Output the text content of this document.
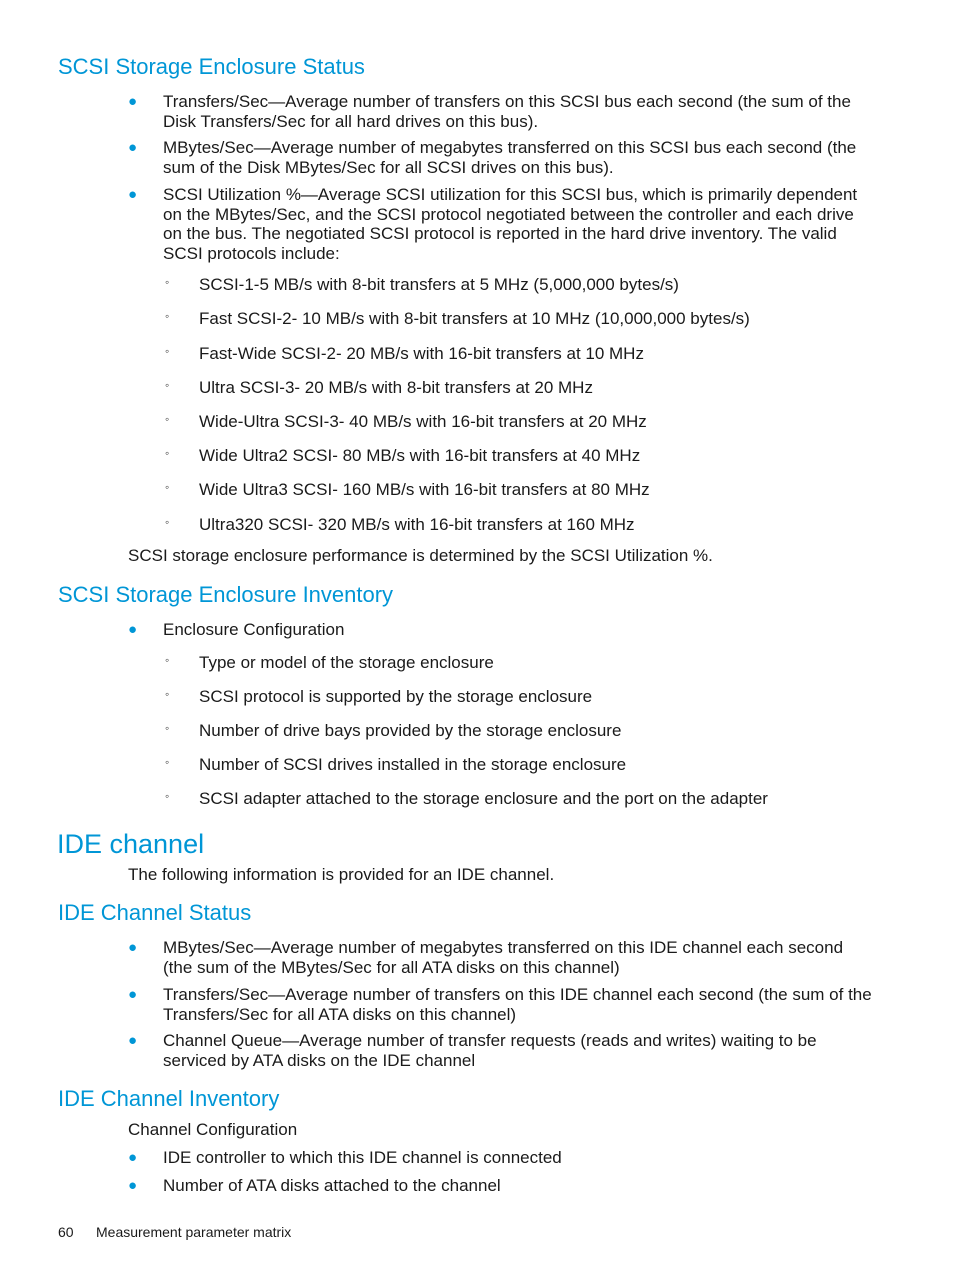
SCSI Storage Enclosure Status
● Transfers/Sec—Average number of transfers on this SCSI bus each second (the sum of the Disk Transfers/Sec for all hard drives on this bus).
● MBytes/Sec—Average number of megabytes transferred on this SCSI bus each second (the sum of the Disk MBytes/Sec for all SCSI drives on this bus).
● SCSI Utilization %—Average SCSI utilization for this SCSI bus, which is primarily dependent on the MBytes/Sec, and the SCSI protocol negotiated between the controller and each drive on the bus. The negotiated SCSI protocol is reported in the hard drive inventory. The valid SCSI protocols include:
◦ SCSI-1-5 MB/s with 8-bit transfers at 5 MHz (5,000,000 bytes/s)
◦ Fast SCSI-2- 10 MB/s with 8-bit transfers at 10 MHz (10,000,000 bytes/s)
◦ Fast-Wide SCSI-2- 20 MB/s with 16-bit transfers at 10 MHz
◦ Ultra SCSI-3- 20 MB/s with 8-bit transfers at 20 MHz
◦ Wide-Ultra SCSI-3- 40 MB/s with 16-bit transfers at 20 MHz
◦ Wide Ultra2 SCSI- 80 MB/s with 16-bit transfers at 40 MHz
◦ Wide Ultra3 SCSI- 160 MB/s with 16-bit transfers at 80 MHz
◦ Ultra320 SCSI- 320 MB/s with 16-bit transfers at 160 MHz

SCSI storage enclosure performance is determined by the SCSI Utilization %.

SCSI Storage Enclosure Inventory
● Enclosure Configuration
◦ Type or model of the storage enclosure
◦ SCSI protocol is supported by the storage enclosure
◦ Number of drive bays provided by the storage enclosure
◦ Number of SCSI drives installed in the storage enclosure
◦ SCSI adapter attached to the storage enclosure and the port on the adapter
IDE channel

The following information is provided for an IDE channel.

IDE Channel Status
● MBytes/Sec—Average number of megabytes transferred on this IDE channel each second (the sum of the MBytes/Sec for all ATA disks on this channel)
● Transfers/Sec—Average number of transfers on this IDE channel each second (the sum of the Transfers/Sec for all ATA disks on this channel)
● Channel Queue—Average number of transfer requests (reads and writes) waiting to be serviced by ATA disks on the IDE channel
IDE Channel Inventory

Channel Configuration

● IDE controller to which this IDE channel is connected
● Number of ATA disks attached to the channel
60 Measurement parameter matrix
